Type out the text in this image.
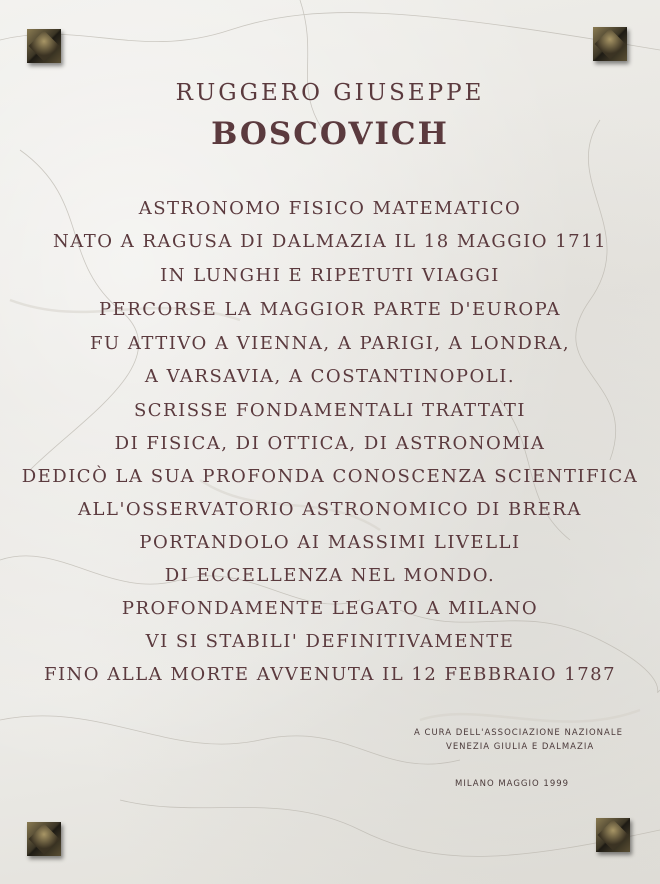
RUGGERO GIUSEPPE
BOSCOVICH
ASTRONOMO FISICO MATEMATICO
NATO A RAGUSA DI DALMAZIA IL 18 MAGGIO 1711
IN LUNGHI E RIPETUTI VIAGGI
PERCORSE LA MAGGIOR PARTE D'EUROPA
FU ATTIVO A VIENNA, A PARIGI, A LONDRA,
A VARSAVIA, A COSTANTINOPOLI.
SCRISSE FONDAMENTALI TRATTATI
DI FISICA, DI OTTICA, DI ASTRONOMIA
DEDICÒ LA SUA PROFONDA CONOSCENZA SCIENTIFICA
ALL'OSSERVATORIO ASTRONOMICO DI BRERA
PORTANDOLO AI MASSIMI LIVELLI
DI ECCELLENZA NEL MONDO.
PROFONDAMENTE LEGATO A MILANO
VI SI STABILI' DEFINITIVAMENTE
FINO ALLA MORTE AVVENUTA IL 12 FEBBRAIO 1787
A CURA DELL'ASSOCIAZIONE NAZIONALE
VENEZIA GIULIA E DALMAZIA
MILANO MAGGIO 1999
